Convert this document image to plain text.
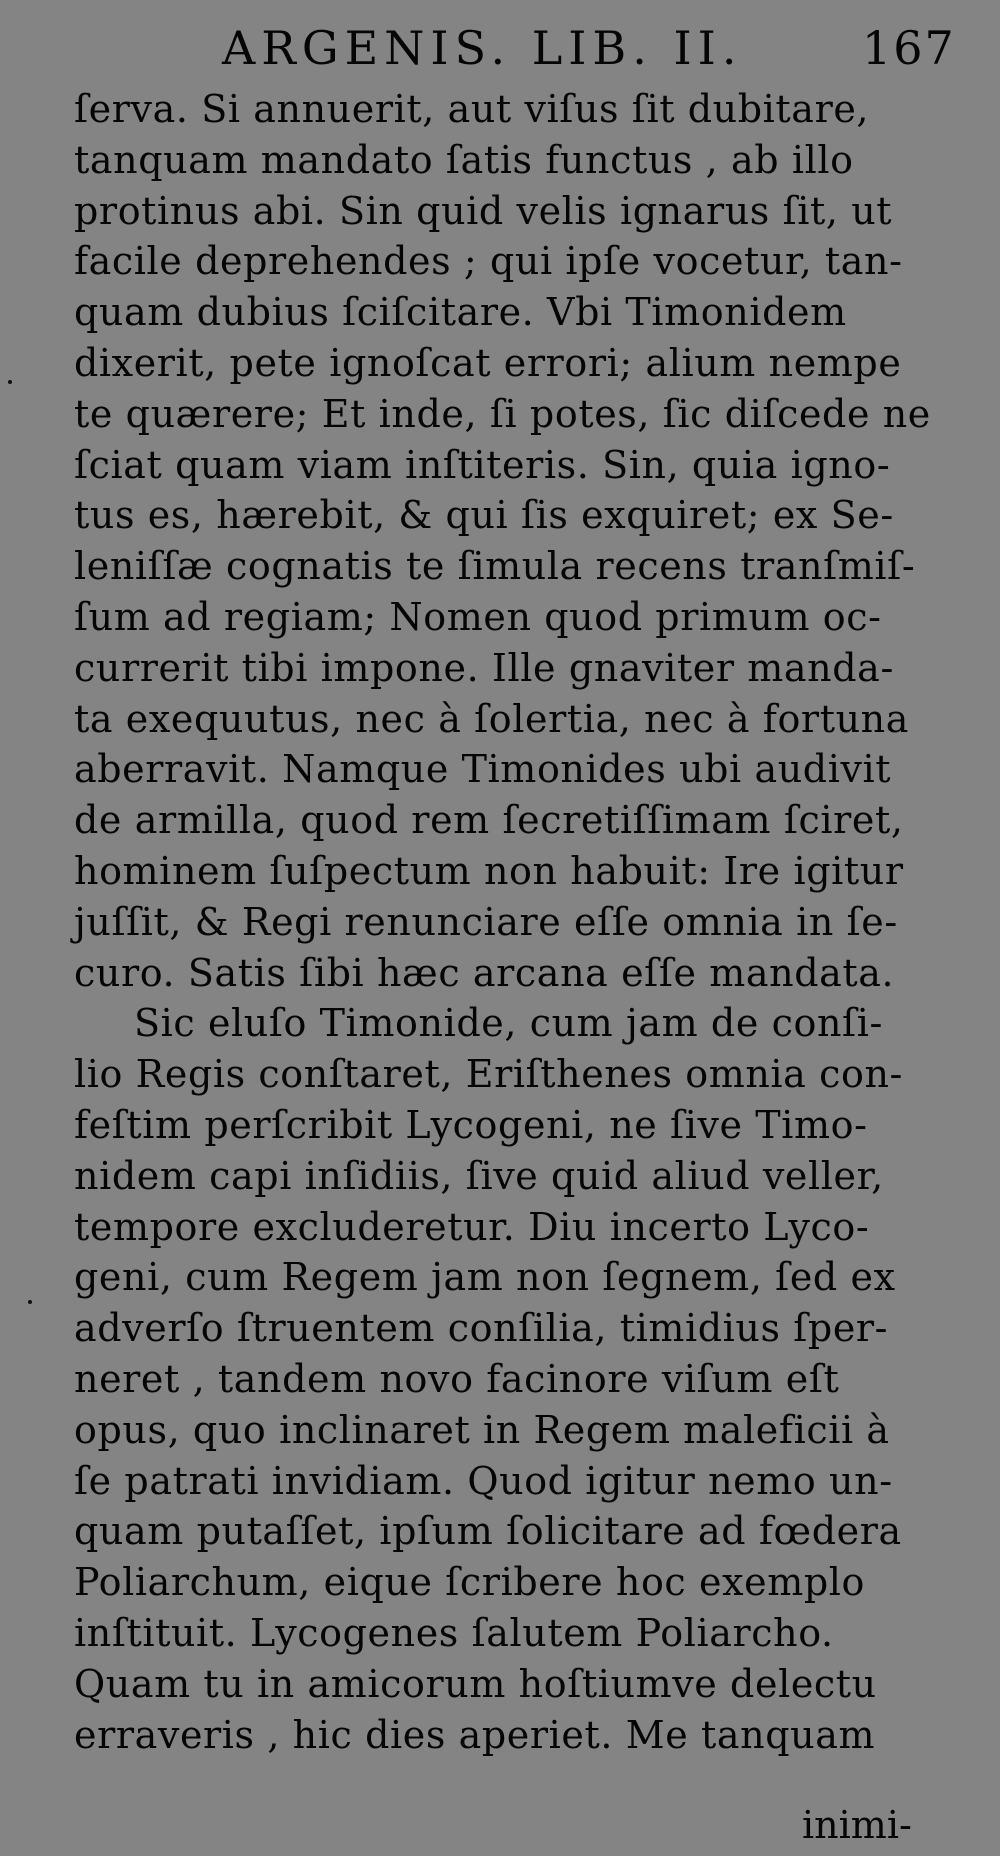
ARGENIS. LIB. II.	167
ſerva. Si annuerit, aut viſus ſit dubitare,
tanquam mandato ſatis functus , ab illo
protinus abi. Sin quid velis ignarus ſit, ut
facile deprehendes ; qui ipſe vocetur, tan-
quam dubius ſciſcitare. Vbi Timonidem
dixerit, pete ignoſcat errori; alium nempe
te quærere; Et inde, ſi potes, ſic diſcede ne
ſciat quam viam inſtiteris. Sin, quia igno-
tus es, hærebit, & qui ſis exquiret; ex Se-
leniſſæ cognatis te ſimula recens tranſmiſ-
ſum ad regiam; Nomen quod primum oc-
currerit tibi impone. Ille gnaviter manda-
ta exequutus, nec à ſolertia, nec à fortuna
aberravit. Namque Timonides ubi audivit
de armilla, quod rem ſecretiſſimam ſciret,
hominem ſuſpectum non habuit: Ire igitur
juſſit, & Regi renunciare eſſe omnia in ſe-
curo. Satis ſibi hæc arcana eſſe mandata.
Sic eluſo Timonide, cum jam de conſi-
lio Regis conſtaret, Eriſthenes omnia con-
feſtim perſcribit Lycogeni, ne ſive Timo-
nidem capi inſidiis, ſive quid aliud veller,
tempore excluderetur. Diu incerto Lyco-
geni, cum Regem jam non ſegnem, ſed ex
adverſo ſtruentem conſilia, timidius ſper-
neret , tandem novo facinore viſum eſt
opus, quo inclinaret in Regem maleficii à
ſe patrati invidiam. Quod igitur nemo un-
quam putaſſet, ipſum ſolicitare ad fœdera
Poliarchum, eique ſcribere hoc exemplo
inſtituit. Lycogenes ſalutem Poliarcho.
Quam tu in amicorum hoſtiumve delectu
erraveris , hic dies aperiet. Me tanquam
inimi-
